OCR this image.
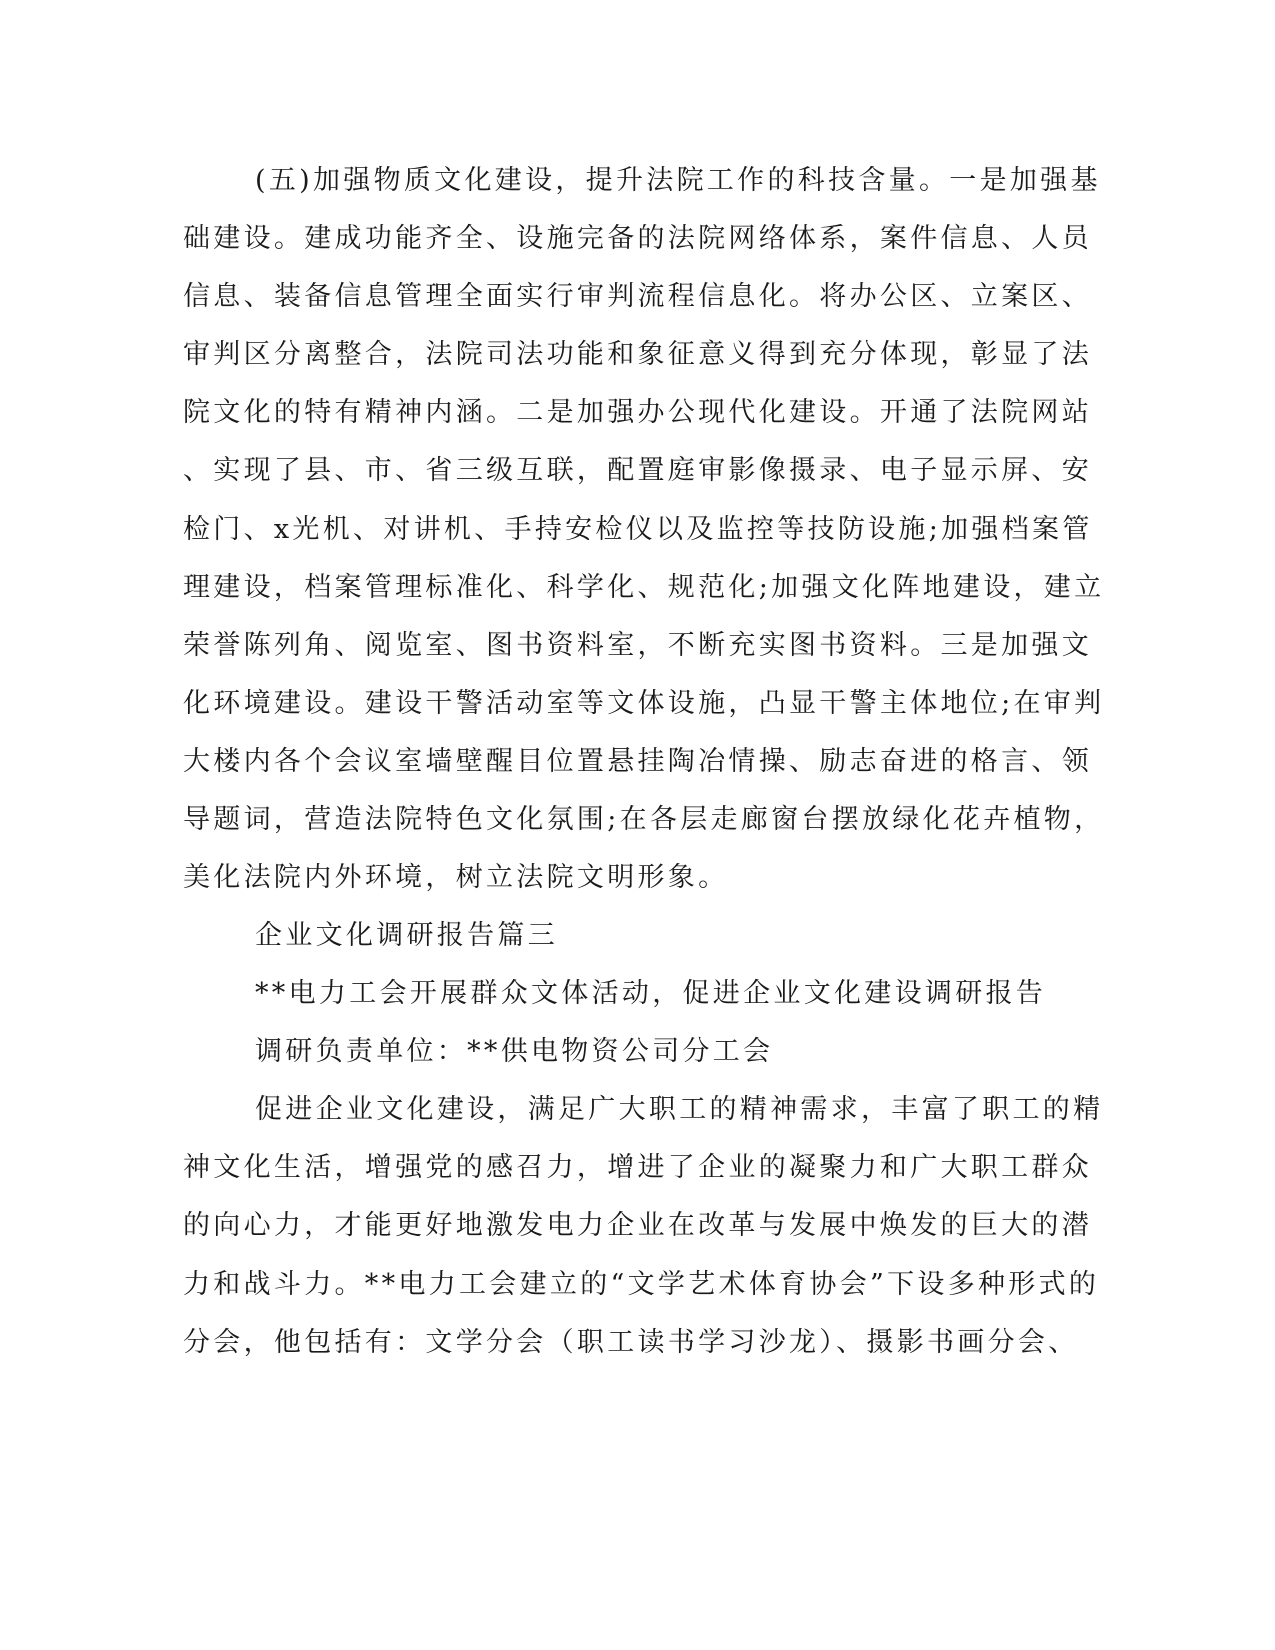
(五)加强物质文化建设，提升法院工作的科技含量。一是加强基
础建设。建成功能齐全、设施完备的法院网络体系，案件信息、人员
信息、装备信息管理全面实行审判流程信息化。将办公区、立案区、
审判区分离整合，法院司法功能和象征意义得到充分体现，彰显了法
院文化的特有精神内涵。二是加强办公现代化建设。开通了法院网站
、实现了县、市、省三级互联，配置庭审影像摄录、电子显示屏、安
检门、x光机、对讲机、手持安检仪以及监控等技防设施;加强档案管
理建设，档案管理标准化、科学化、规范化;加强文化阵地建设，建立
荣誉陈列角、阅览室、图书资料室，不断充实图书资料。三是加强文
化环境建设。建设干警活动室等文体设施，凸显干警主体地位;在审判
大楼内各个会议室墙壁醒目位置悬挂陶冶情操、励志奋进的格言、领
导题词，营造法院特色文化氛围;在各层走廊窗台摆放绿化花卉植物，
美化法院内外环境，树立法院文明形象。
企业文化调研报告篇三
**电力工会开展群众文体活动，促进企业文化建设调研报告
调研负责单位：**供电物资公司分工会
促进企业文化建设，满足广大职工的精神需求，丰富了职工的精
神文化生活，增强党的感召力，增进了企业的凝聚力和广大职工群众
的向心力，才能更好地激发电力企业在改革与发展中焕发的巨大的潜
力和战斗力。**电力工会建立的“文学艺术体育协会”下设多种形式的
分会，他包括有：文学分会（职工读书学习沙龙）、摄影书画分会、
